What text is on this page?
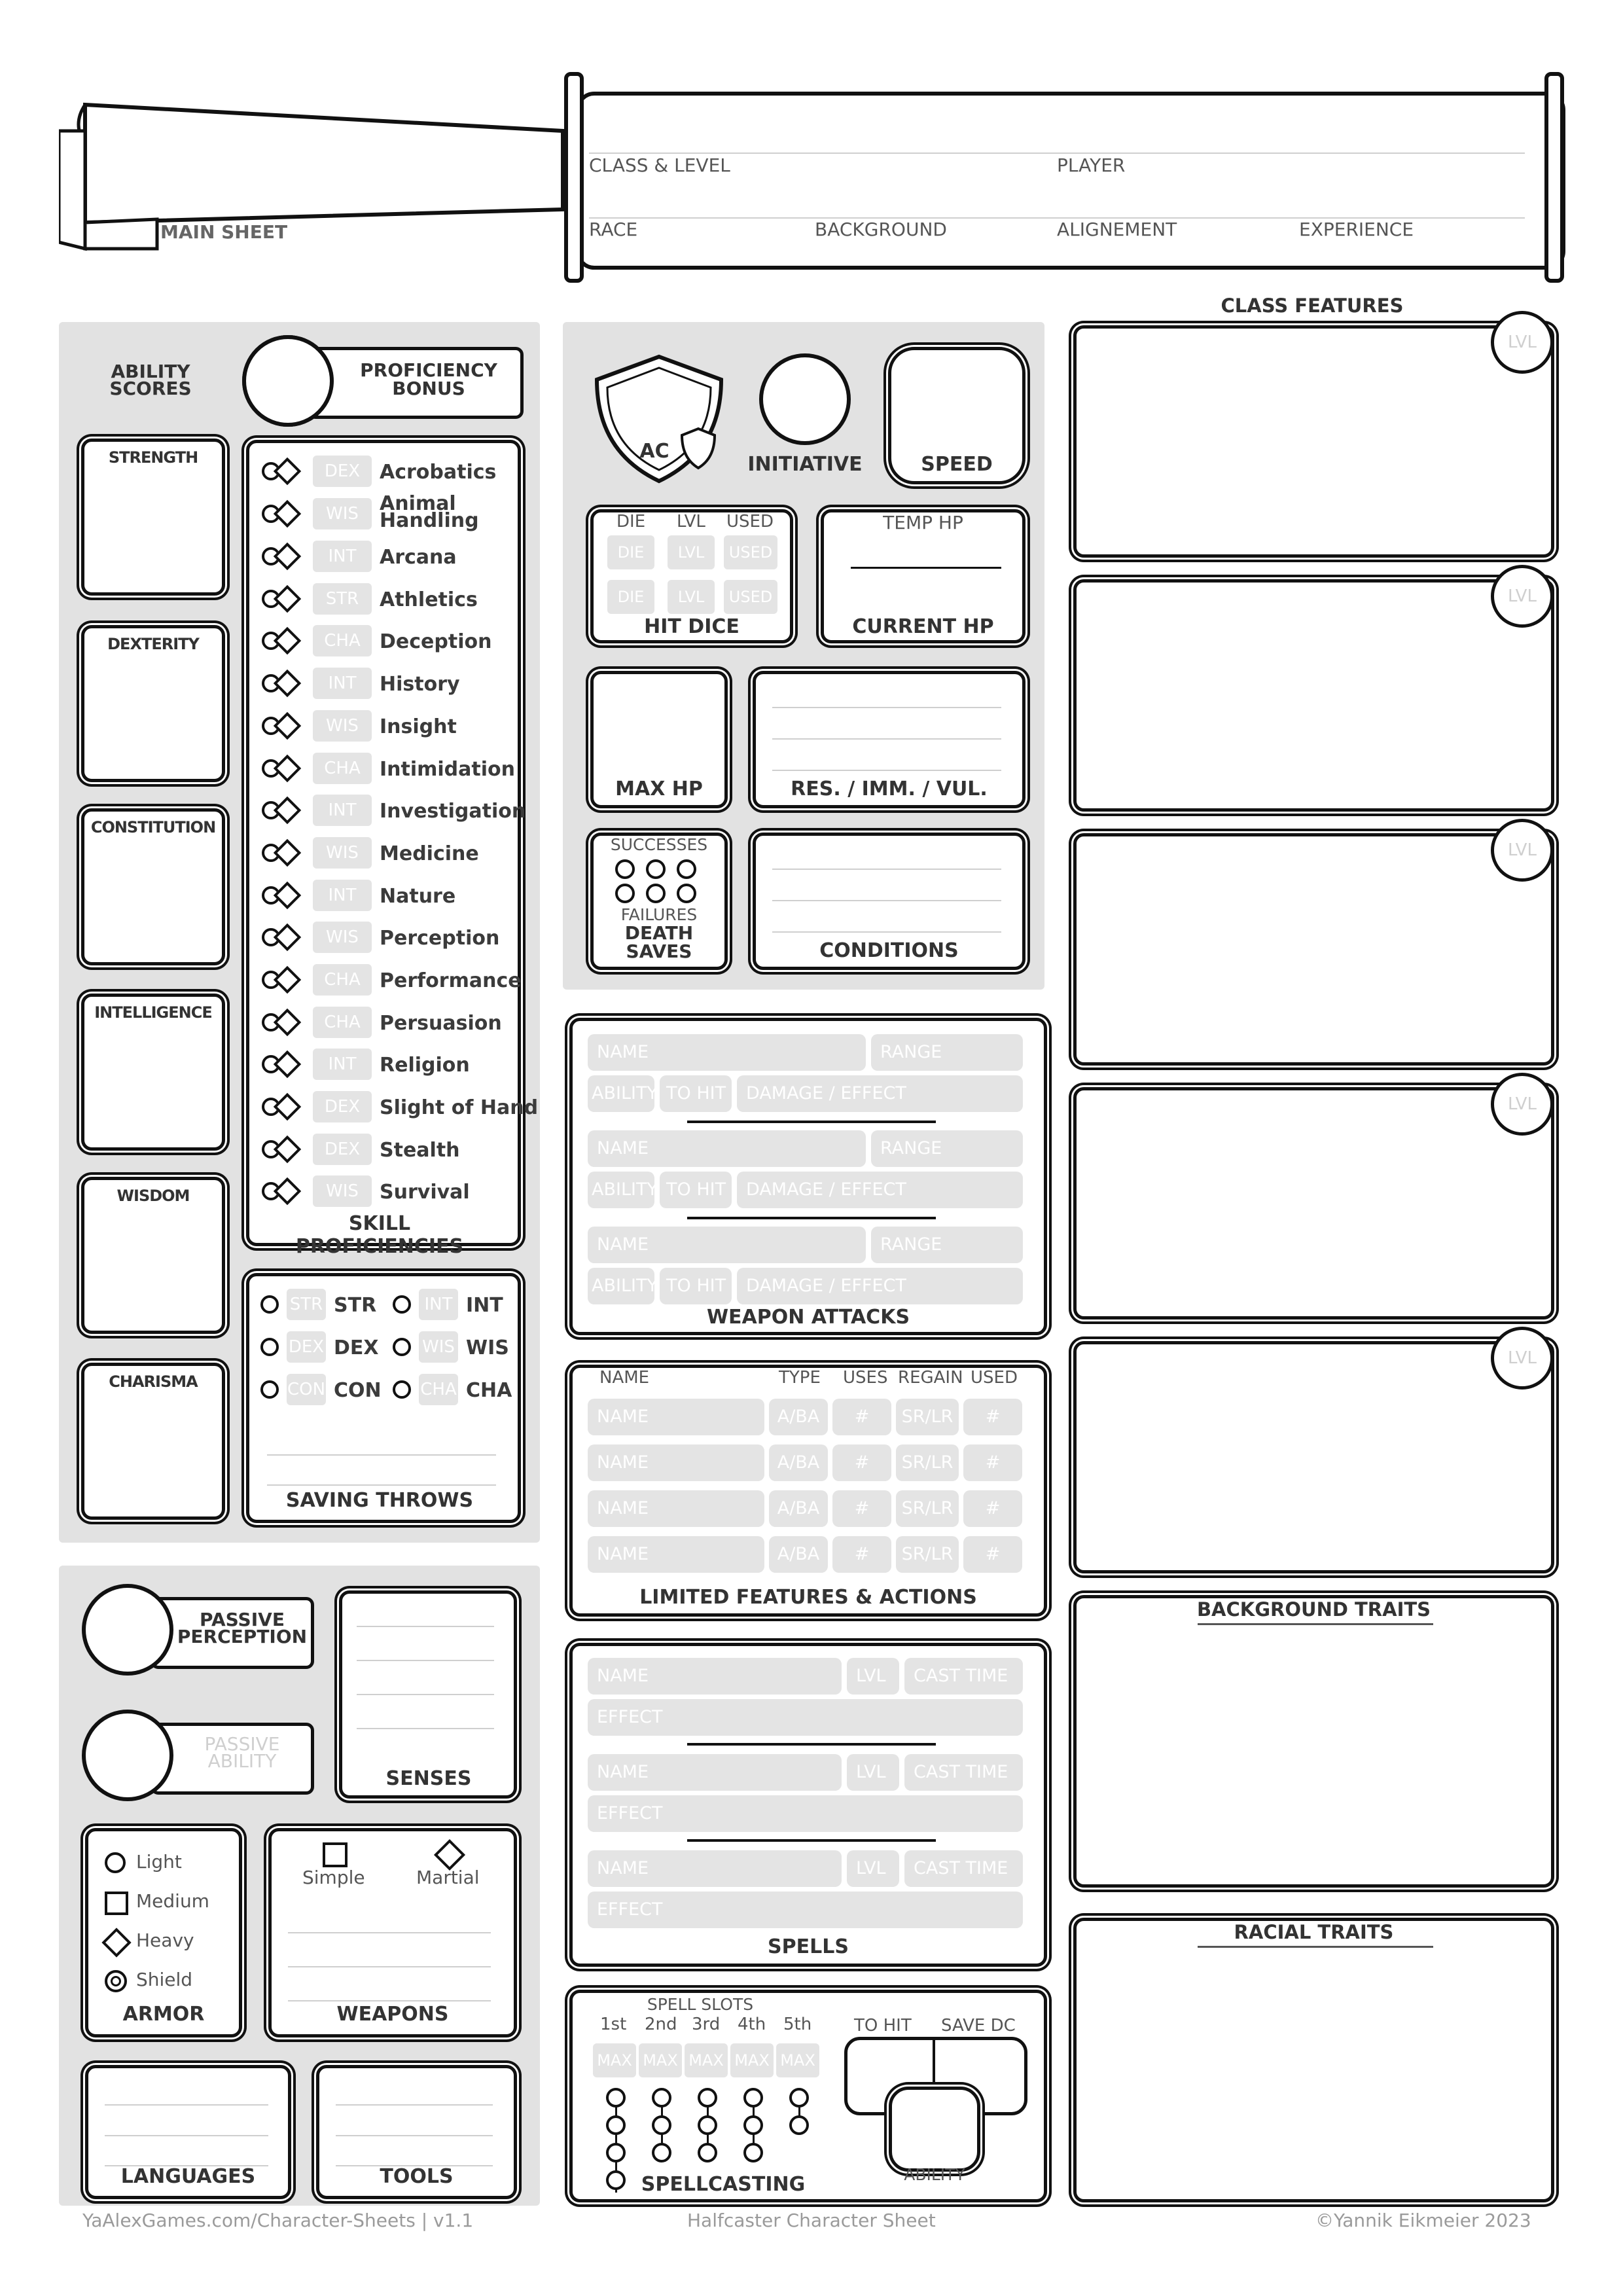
MAIN SHEET
CLASS & LEVEL	PLAYER
RACE	BACKGROUND	ALIGNEMENT	EXPERIENCE
ABILITY
SCORES
PROFICIENCY
BONUS
STRENGTH
DEXTERITY
CONSTITUTION
INTELLIGENCE
WISDOM
CHARISMA
DEX Acrobatics
WIS	Animal Handling
INT	Arcana
STR	Athletics
CHA Deception
INT	History
WIS	Insight
CHA Intimidation
INT	Investigation
WIS	Medicine
INT	Nature
WIS	Perception
CHA Performance
CHA Persuasion
INT	Religion
DEX Slight of Hand
DEX Stealth
WIS	Survival
SKILL PROFICIENCIES
STR STR	INT INT
DEX DEX	WIS WIS
CON CON CHA CHA
SAVING THROWS
PASSIVE
PERCEPTION
PASSIVE
ABILITY
SENSES
Light
Medium
Heavy
Shield
ARMOR
Simple	Martial
WEAPONS
LANGUAGES	TOOLS
AC
INITIATIVE	SPEED
DIE LVL USED
DIE	LVL	USED
DIE	LVL	USED
HIT DICE
TEMP HP
CURRENT HP
MAX HP	RES. / IMM. / VUL.
SUCCESSES
FAILURES
DEATH
SAVES	CONDITIONS
NAME	RANGE
ABILITY TO HIT	DAMAGE / EFFECT
NAME	RANGE
ABILITY TO HIT	DAMAGE / EFFECT
NAME	RANGE
ABILITY TO HIT	DAMAGE / EFFECT
WEAPON ATTACKS
NAME	TYPE USES REGAIN USED
NAME	A/BA	#	SR/LR	#
NAME	A/BA	#	SR/LR	#
NAME	A/BA	#	SR/LR	#
NAME	A/BA	#	SR/LR	#
LIMITED FEATURES & ACTIONS
NAME	LVL	CAST TIME
EFFECT
NAME	LVL	CAST TIME
EFFECT
NAME	LVL	CAST TIME
EFFECT
SPELLS
SPELL SLOTS
1st 2nd 3rd 4th 5th
MAX MAX MAX MAX MAX
TO HIT SAVE DC
ABILITY
SPELLCASTING
CLASS FEATURES
LVL
LVL
LVL
LVL
LVL
BACKGROUND TRAITS
RACIAL TRAITS
YaAlexGames.com/Character-Sheets | v1.1	Halfcaster Character Sheet	©Yannik Eikmeier 2023
